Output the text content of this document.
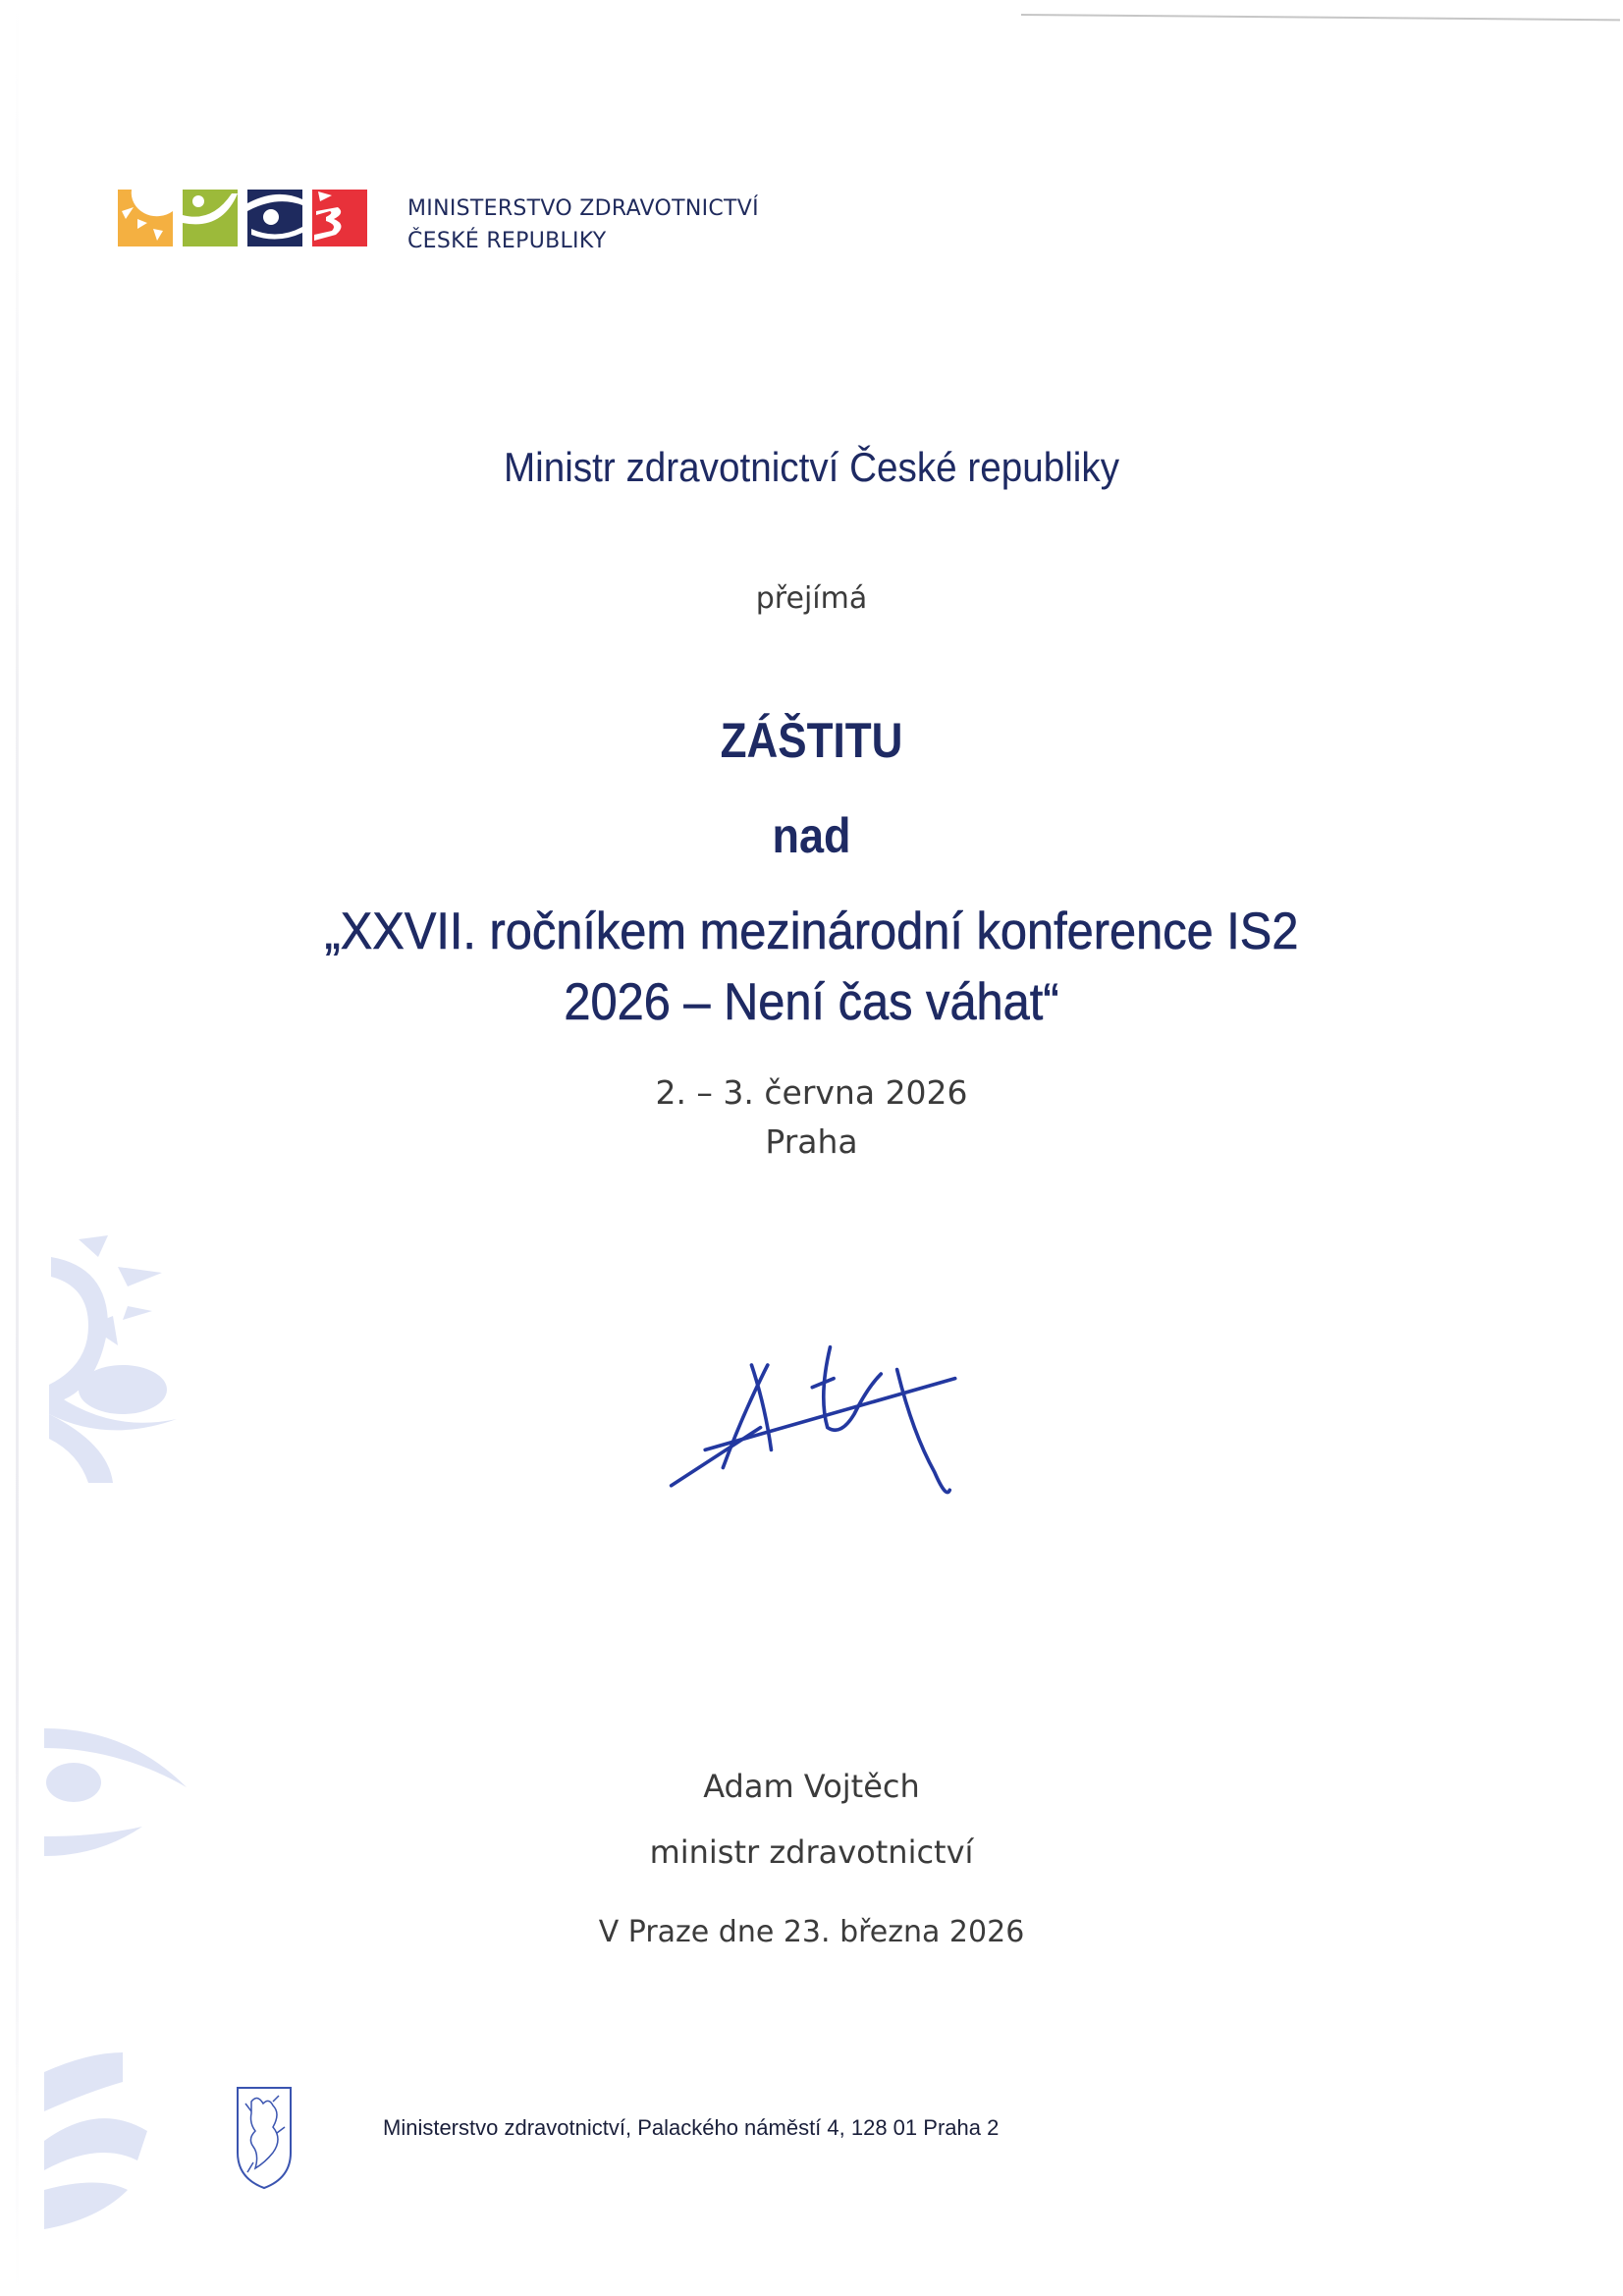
MINISTERSTVO ZDRAVOTNICTVÍ
ČESKÉ REPUBLIKY
Ministr zdravotnictví České republiky
přejímá
ZÁŠTITU
nad
„XXVII. ročníkem mezinárodní konference IS2
2026 – Není čas váhat“
2. – 3. června 2026
Praha
Adam Vojtěch
ministr zdravotnictví
V Praze dne 23. března 2026
Ministerstvo zdravotnictví, Palackého náměstí 4, 128 01 Praha 2
